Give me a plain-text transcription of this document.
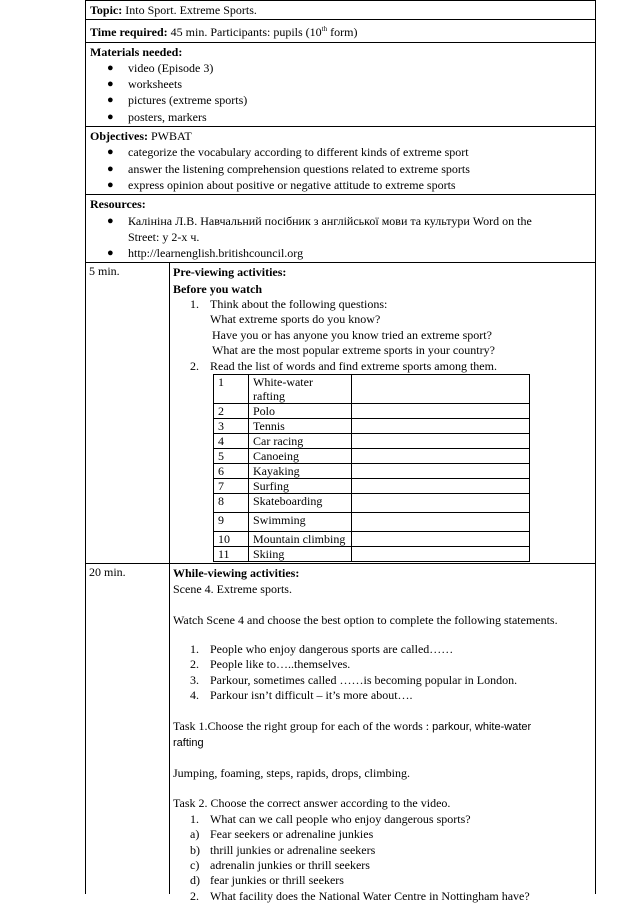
Topic: Into Sport. Extreme Sports.
Time required: 45 min. Participants: pupils (10th form)
Materials needed:
● video (Episode 3)
● worksheets
● pictures (extreme sports)
● posters, markers
Objectives: PWBAT
● categorize the vocabulary according to different kinds of extreme sport
● answer the listening comprehension questions related to extreme sports
● express opinion about positive or negative attitude to extreme sports
Resources:
● Калініна Л.В. Навчальний посібник з англійської мови та культури Word on the
Street: у 2-х ч.
● http://learnenglish.britishcouncil.org
5 min.	Pre-viewing activities:
Before you watch
1. Think about the following questions:
What extreme sports do you know?
Have you or has anyone you know tried an extreme sport?
What are the most popular extreme sports in your country?
2. Read the list of words and find extreme sports among them.
1	White-water rafting	
2	Polo	
3	Tennis	
4	Car racing	
5	Canoeing	
6	Kayaking	
7	Surfing	
8	Skateboarding	
9	Swimming	
10	Mountain climbing	
11	Skiing	
20 min.	While-viewing activities:
Scene 4. Extreme sports.
Watch Scene 4 and choose the best option to complete the following statements.
1. People who enjoy dangerous sports are called……
2. People like to…..themselves.
3. Parkour, sometimes called ……is becoming popular in London.
4. Parkour isn’t difficult – it’s more about….
Task 1.Choose the right group for each of the words : parkour, white-water
rafting
Jumping, foaming, steps, rapids, drops, climbing.
Task 2. Choose the correct answer according to the video.
1. What can we call people who enjoy dangerous sports?
a) Fear seekers or adrenaline junkies
b) thrill junkies or adrenaline seekers
c) adrenalin junkies or thrill seekers
d) fear junkies or thrill seekers
2. What facility does the National Water Centre in Nottingham have?
